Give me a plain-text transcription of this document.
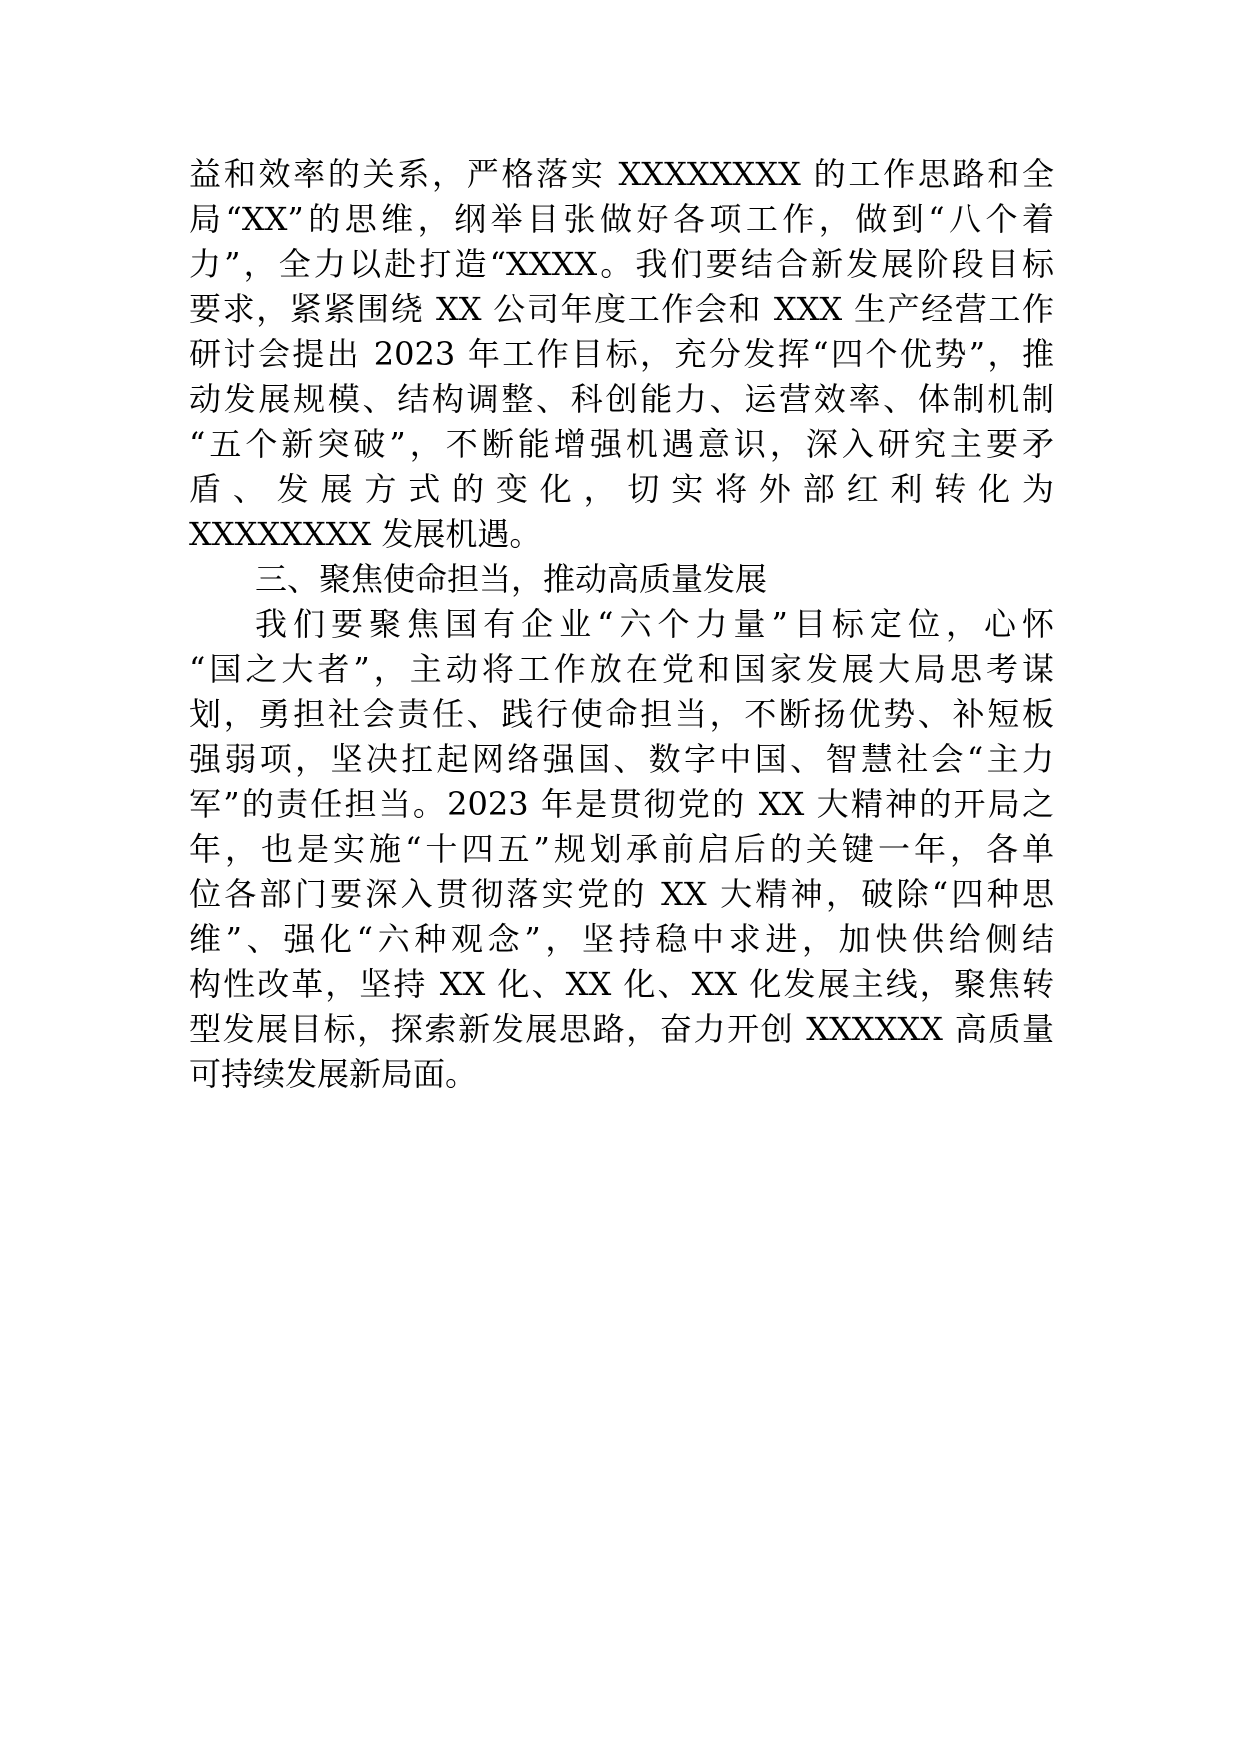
益和效率的关系，严格落实 XXXXXXXX 的工作思路和全
局“XX”的思维，纲举目张做好各项工作，做到“八个着
力”，全力以赴打造“XXXX。我们要结合新发展阶段目标
要求，紧紧围绕 XX 公司年度工作会和 XXX 生产经营工作
研讨会提出 2023 年工作目标，充分发挥“四个优势”，推
动发展规模、结构调整、科创能力、运营效率、体制机制
“五个新突破”，不断能增强机遇意识，深入研究主要矛
盾、发展方式的变化，切实将外部红利转化为
XXXXXXXX 发展机遇。
三、聚焦使命担当，推动高质量发展
我们要聚焦国有企业“六个力量”目标定位，心怀
“国之大者”，主动将工作放在党和国家发展大局思考谋
划，勇担社会责任、践行使命担当，不断扬优势、补短板
强弱项，坚决扛起网络强国、数字中国、智慧社会“主力
军”的责任担当。2023 年是贯彻党的 XX 大精神的开局之
年，也是实施“十四五”规划承前启后的关键一年，各单
位各部门要深入贯彻落实党的 XX 大精神，破除“四种思
维”、强化“六种观念”，坚持稳中求进，加快供给侧结
构性改革，坚持 XX 化、XX 化、XX 化发展主线，聚焦转
型发展目标，探索新发展思路，奋力开创 XXXXXX 高质量
可持续发展新局面。
